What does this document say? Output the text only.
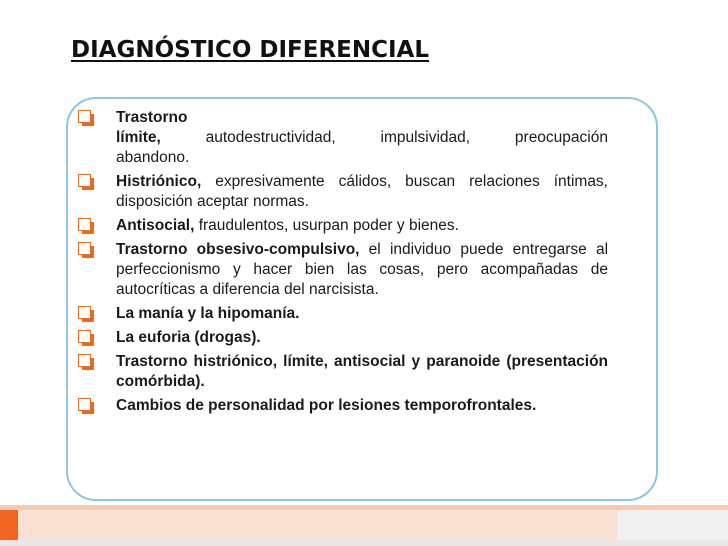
DIAGNÓSTICO DIFERENCIAL
Trastorno
límite,	autodestructividad,	impulsividad,	preocupación
abandono.
Histriónico, expresivamente cálidos, buscan relaciones íntimas, disposición aceptar normas.
Antisocial, fraudulentos, usurpan poder y bienes.
Trastorno obsesivo-compulsivo, el individuo puede entregarse al perfeccionismo y hacer bien las cosas, pero acompañadas de autocríticas a diferencia del narcisista.
La manía y la hipomanía.
La euforia (drogas).
Trastorno histriónico, límite, antisocial y paranoide (presentación comórbida).
Cambios de personalidad por lesiones temporofrontales.
